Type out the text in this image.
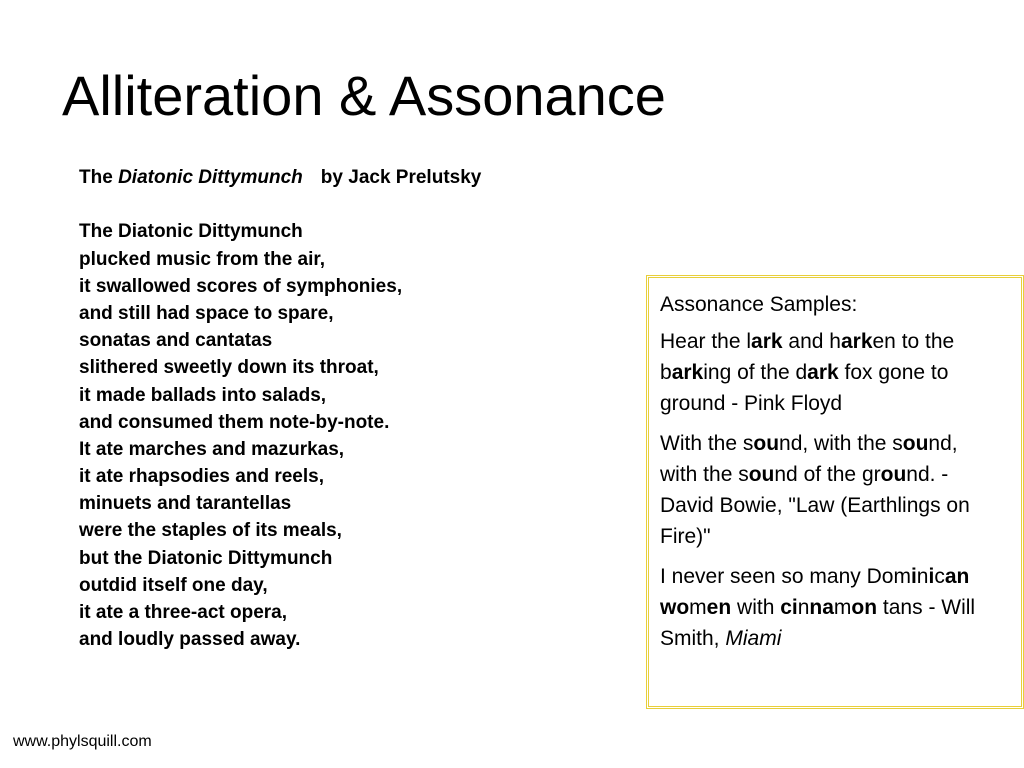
Alliteration & Assonance
The Diatonic Dittymunch by Jack Prelutsky
The Diatonic Dittymunch
plucked music from the air,
it swallowed scores of symphonies,
and still had space to spare,
sonatas and cantatas
slithered sweetly down its throat,
it made ballads into salads,
and consumed them note-by-note.
It ate marches and mazurkas,
it ate rhapsodies and reels,
minuets and tarantellas
were the staples of its meals,
but the Diatonic Dittymunch
outdid itself one day,
it ate a three-act opera,
and loudly passed away.

Assonance Samples:

Hear the lark and harken to the barking of the dark fox gone to ground - Pink Floyd

With the sound, with the sound, with the sound of the ground. - David Bowie, "Law (Earthlings on Fire)"

I never seen so many Dominican women with cinnamon tans - Will Smith, Miami

www.phylsquill.com
